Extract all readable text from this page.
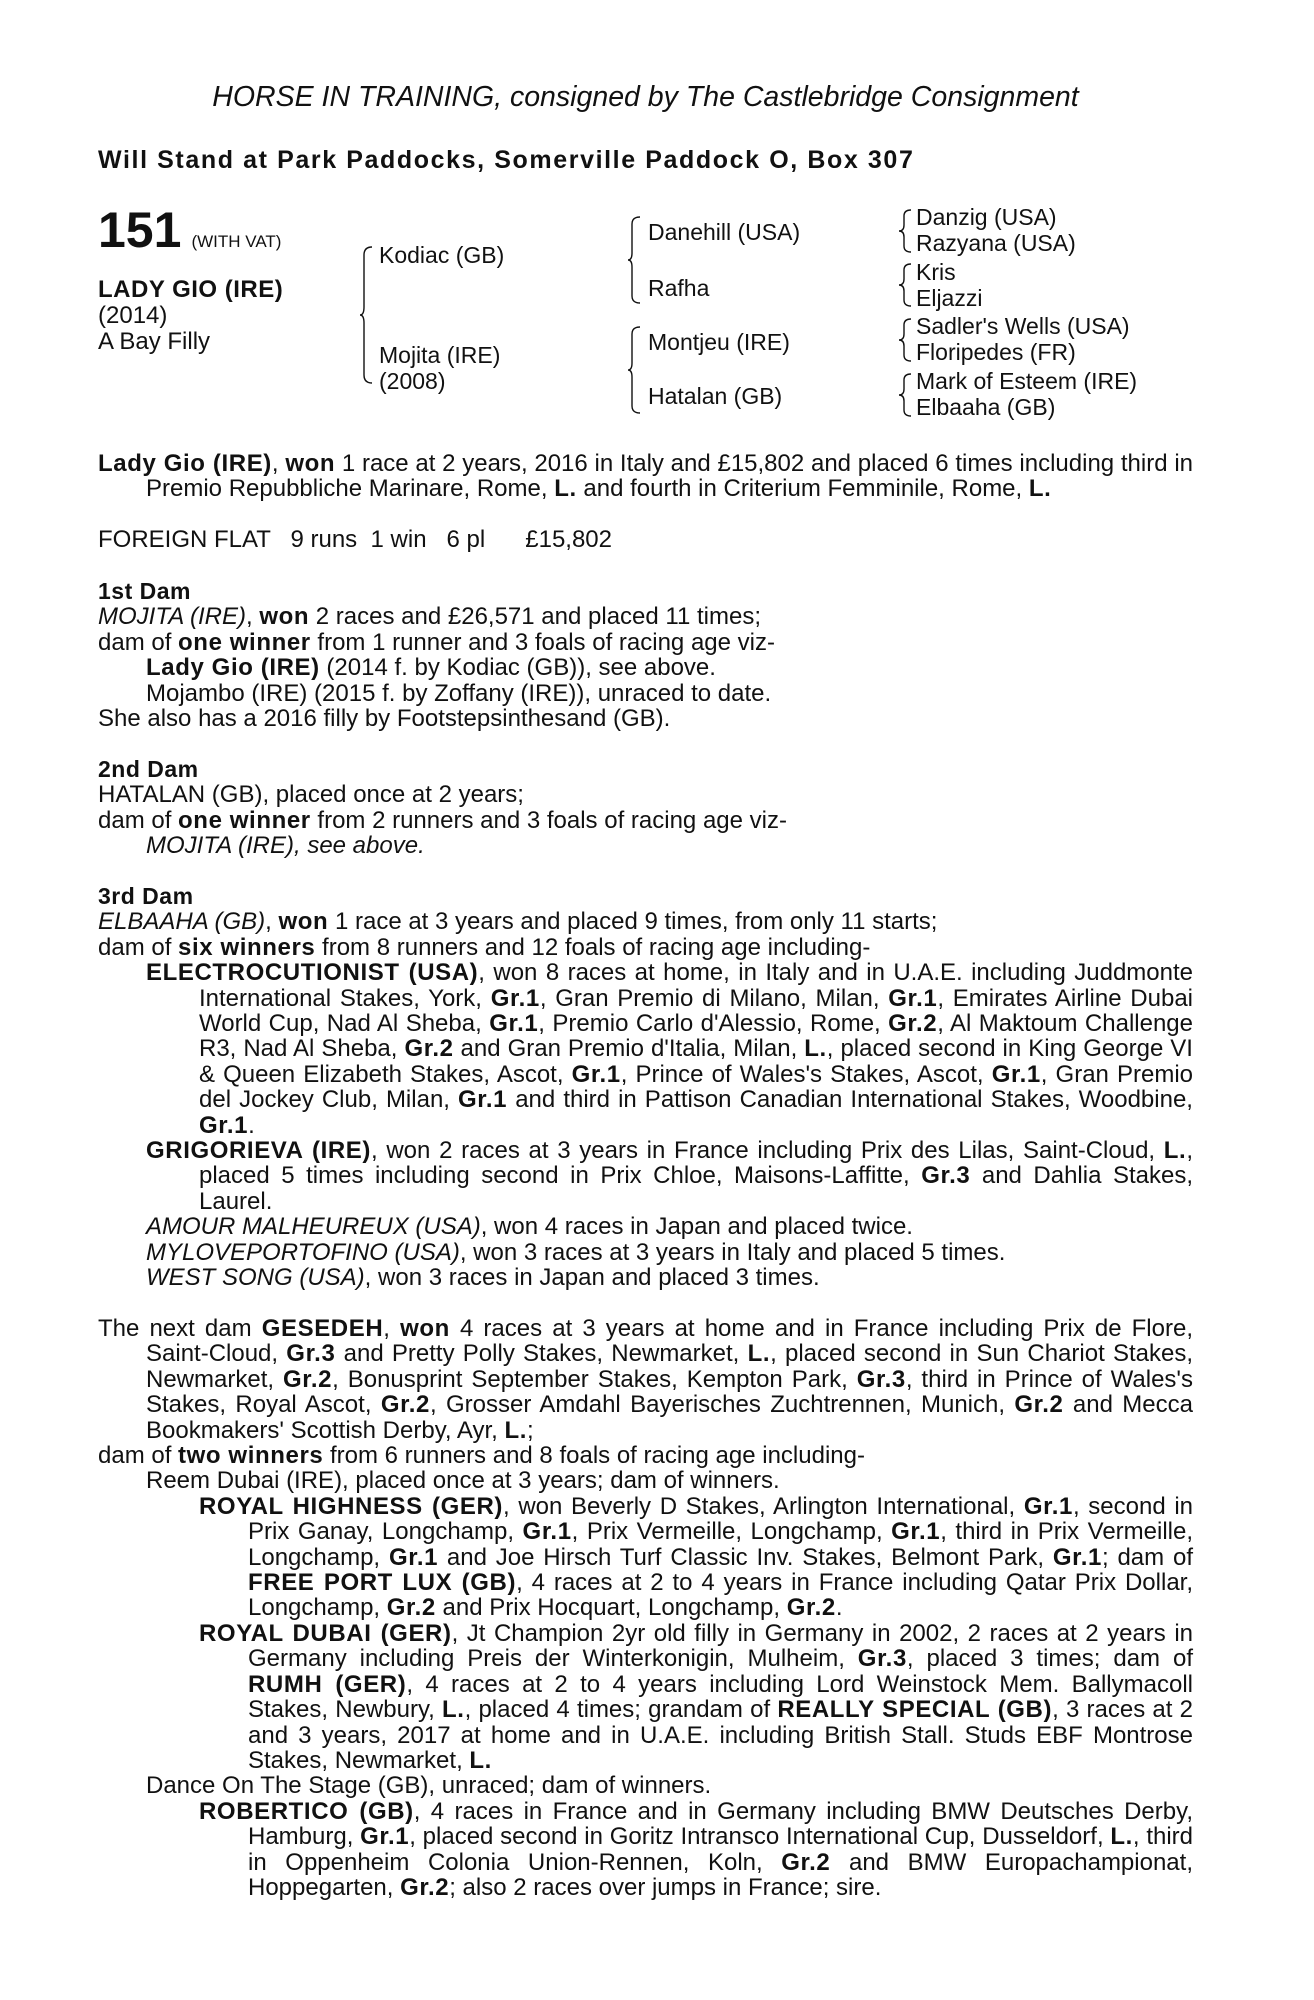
HORSE IN TRAINING, consigned by The Castlebridge Consignment
Will Stand at Park Paddocks, Somerville Paddock O, Box 307
151 (WITH VAT)
LADY GIO (IRE)
(2014)
A Bay Filly
Kodiac (GB)
Mojita (IRE)
(2008)
Danehill (USA)
Rafha
Montjeu (IRE)
Hatalan (GB)
Danzig (USA)
Razyana (USA)
Kris
Eljazzi
Sadler's Wells (USA)
Floripedes (FR)
Mark of Esteem (IRE)
Elbaaha (GB)
Lady Gio (IRE), won 1 race at 2 years, 2016 in Italy and £15,802 and placed 6 times including third in Premio Repubbliche Marinare, Rome, L. and fourth in Criterium Femminile, Rome, L.
FOREIGN FLAT   9 runs  1 win   6 pl      £15,802
1st Dam
MOJITA (IRE), won 2 races and £26,571 and placed 11 times;
dam of one winner from 1 runner and 3 foals of racing age viz-
Lady Gio (IRE) (2014 f. by Kodiac (GB)), see above.
Mojambo (IRE) (2015 f. by Zoffany (IRE)), unraced to date.
She also has a 2016 filly by Footstepsinthesand (GB).
2nd Dam
HATALAN (GB), placed once at 2 years;
dam of one winner from 2 runners and 3 foals of racing age viz-
MOJITA (IRE), see above.
3rd Dam
ELBAAHA (GB), won 1 race at 3 years and placed 9 times, from only 11 starts;
dam of six winners from 8 runners and 12 foals of racing age including-
ELECTROCUTIONIST (USA), won 8 races at home, in Italy and in U.A.E. including Juddmonte International Stakes, York, Gr.1, Gran Premio di Milano, Milan, Gr.1, Emirates Airline Dubai World Cup, Nad Al Sheba, Gr.1, Premio Carlo d'Alessio, Rome, Gr.2, Al Maktoum Challenge R3, Nad Al Sheba, Gr.2 and Gran Premio d'Italia, Milan, L., placed second in King George VI & Queen Elizabeth Stakes, Ascot, Gr.1, Prince of Wales's Stakes, Ascot, Gr.1, Gran Premio del Jockey Club, Milan, Gr.1 and third in Pattison Canadian International Stakes, Woodbine, Gr.1.
GRIGORIEVA (IRE), won 2 races at 3 years in France including Prix des Lilas, Saint-Cloud, L., placed 5 times including second in Prix Chloe, Maisons-Laffitte, Gr.3 and Dahlia Stakes, Laurel.
AMOUR MALHEUREUX (USA), won 4 races in Japan and placed twice.
MYLOVEPORTOFINO (USA), won 3 races at 3 years in Italy and placed 5 times.
WEST SONG (USA), won 3 races in Japan and placed 3 times.
The next dam GESEDEH, won 4 races at 3 years at home and in France including Prix de Flore, Saint-Cloud, Gr.3 and Pretty Polly Stakes, Newmarket, L., placed second in Sun Chariot Stakes, Newmarket, Gr.2, Bonusprint September Stakes, Kempton Park, Gr.3, third in Prince of Wales's Stakes, Royal Ascot, Gr.2, Grosser Amdahl Bayerisches Zuchtrennen, Munich, Gr.2 and Mecca Bookmakers' Scottish Derby, Ayr, L.;
dam of two winners from 6 runners and 8 foals of racing age including-
Reem Dubai (IRE), placed once at 3 years; dam of winners.
ROYAL HIGHNESS (GER), won Beverly D Stakes, Arlington International, Gr.1, second in Prix Ganay, Longchamp, Gr.1, Prix Vermeille, Longchamp, Gr.1, third in Prix Vermeille, Longchamp, Gr.1 and Joe Hirsch Turf Classic Inv. Stakes, Belmont Park, Gr.1; dam of FREE PORT LUX (GB), 4 races at 2 to 4 years in France including Qatar Prix Dollar, Longchamp, Gr.2 and Prix Hocquart, Longchamp, Gr.2.
ROYAL DUBAI (GER), Jt Champion 2yr old filly in Germany in 2002, 2 races at 2 years in Germany including Preis der Winterkonigin, Mulheim, Gr.3, placed 3 times; dam of RUMH (GER), 4 races at 2 to 4 years including Lord Weinstock Mem. Ballymacoll Stakes, Newbury, L., placed 4 times; grandam of REALLY SPECIAL (GB), 3 races at 2 and 3 years, 2017 at home and in U.A.E. including British Stall. Studs EBF Montrose Stakes, Newmarket, L.
Dance On The Stage (GB), unraced; dam of winners.
ROBERTICO (GB), 4 races in France and in Germany including BMW Deutsches Derby, Hamburg, Gr.1, placed second in Goritz Intransco International Cup, Dusseldorf, L., third in Oppenheim Colonia Union-Rennen, Koln, Gr.2 and BMW Europachampionat, Hoppegarten, Gr.2; also 2 races over jumps in France; sire.
